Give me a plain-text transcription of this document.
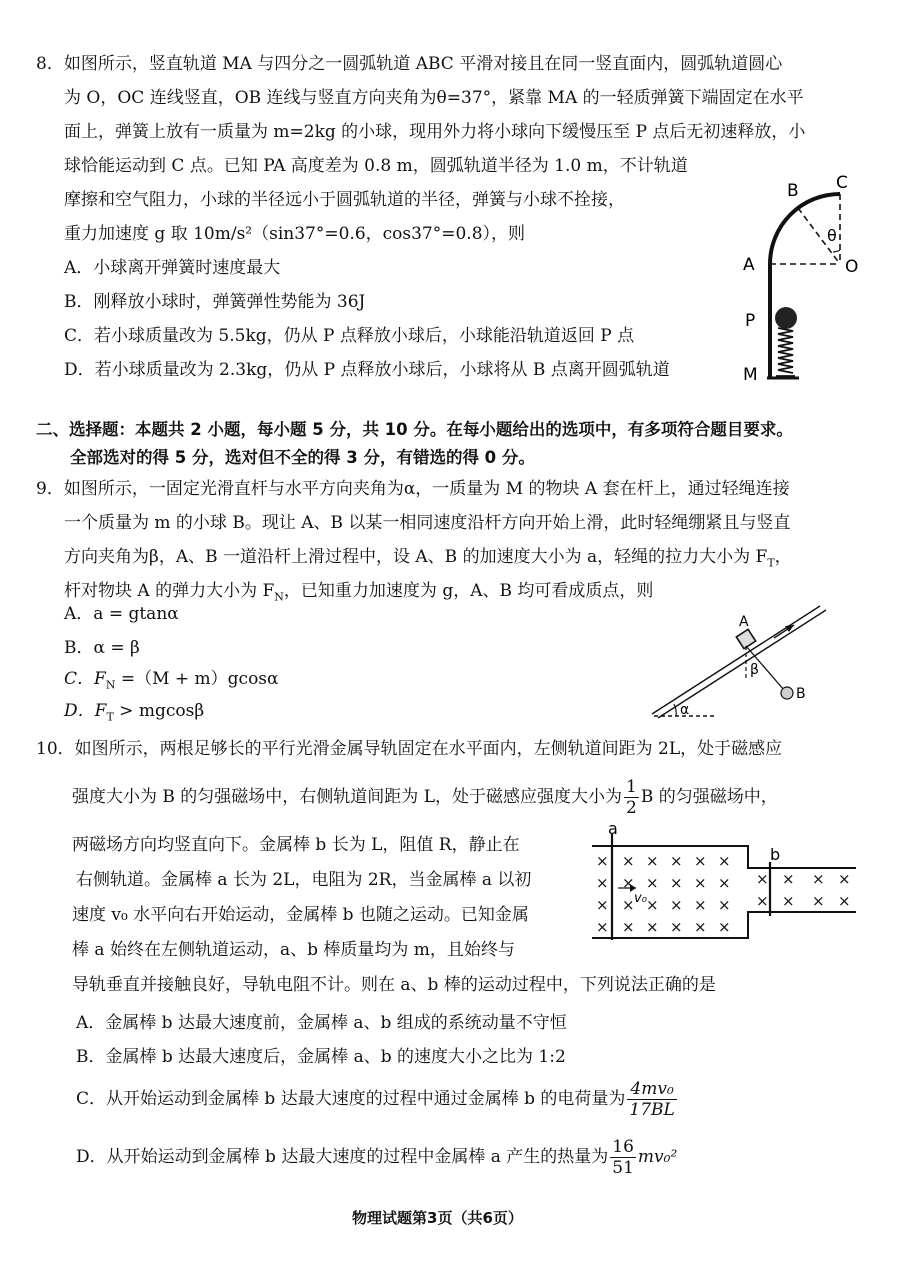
8．如图所示，竖直轨道 MA 与四分之一圆弧轨道 ABC 平滑对接且在同一竖直面内，圆弧轨道圆心
为 O，OC 连线竖直，OB 连线与竖直方向夹角为θ=37°，紧靠 MA 的一轻质弹簧下端固定在水平
面上，弹簧上放有一质量为 m=2kg 的小球，现用外力将小球向下缓慢压至 P 点后无初速释放，小
球恰能运动到 C 点。已知 PA 高度差为 0.8 m，圆弧轨道半径为 1.0 m，不计轨道
摩擦和空气阻力，小球的半径远小于圆弧轨道的半径，弹簧与小球不拴接，
重力加速度 g 取 10m/s²（sin37°=0.6，cos37°=0.8），则
A．小球离开弹簧时速度最大
B．刚释放小球时，弹簧弹性势能为 36J
C．若小球质量改为 5.5kg，仍从 P 点释放小球后，小球能沿轨道返回 P 点
D．若小球质量改为 2.3kg，仍从 P 点释放小球后，小球将从 B 点离开圆弧轨道
B C
θ
A	O
P
M
二、选择题：本题共 2 小题，每小题 5 分，共 10 分。在每小题给出的选项中，有多项符合题目要求。
全部选对的得 5 分，选对但不全的得 3 分，有错选的得 0 分。
9．如图所示，一固定光滑直杆与水平方向夹角为α，一质量为 M 的物块 A 套在杆上，通过轻绳连接
一个质量为 m 的小球 B。现让 A、B 以某一相同速度沿杆方向开始上滑，此时轻绳绷紧且与竖直
方向夹角为β，A、B 一道沿杆上滑过程中，设 A、B 的加速度大小为 a，轻绳的拉力大小为 $F_T$，
杆对物块 A 的弹力大小为 $F_N$，已知重力加速度为 g，A、B 均可看成质点，则
A．a = gtanα
B．α = β
C．$F_N =(M + m)gcos\alpha$
D．$F_T > mgcos\beta$
A
β
B
α
10．如图所示，两根足够长的平行光滑金属导轨固定在水平面内，左侧轨道间距为 2L，处于磁感应
强度大小为 B 的匀强磁场中，右侧轨道间距为 L，处于磁感应强度大小为 $\frac{1}{2}$ B 的匀强磁场中，
两磁场方向均竖直向下。金属棒 b 长为 L，阻值 R，静止在
右侧轨道。金属棒 a 长为 2L，电阻为 2R，当金属棒 a 以初
速度 v₀ 水平向右开始运动，金属棒 b 也随之运动。已知金属
棒 a 始终在左侧轨道运动，a、b 棒质量均为 m，且始终与
导轨垂直并接触良好，导轨电阻不计。则在 a、b 棒的运动过程中，下列说法正确的是
× × × × × ×
× × × × × ×
× × × × × ×
× × × × × ×
× × × ×
× × × ×
a
b
v₀
A．金属棒 b 达最大速度前，金属棒 a、b 组成的系统动量不守恒
B．金属棒 b 达最大速度后，金属棒 a、b 的速度大小之比为 1:2
C．从开始运动到金属棒 b 达最大速度的过程中通过金属棒 b 的电荷量为 $\frac{\text{4mv₀}}{17BL}$
D．从开始运动到金属棒 b 达最大速度的过程中金属棒 a 产生的热量为 $\frac{16}{51} mv_0^2$
物理试题第3页（共6页）
